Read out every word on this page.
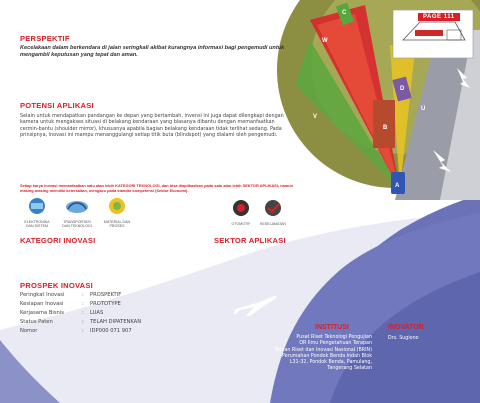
W
V
B
D
C
U
A
PAGE 111
PERSPEKTIF
Kecelakaan dalam berkendara di jalan seringkali akibat kurangnya informasi bagi pengemudi untuk mengambil keputusan yang tepat dan aman.
POTENSI APLIKASI
Selain untuk mendapatkan pandangan ke depan yang bertambah, invensi ini juga dapat dilengkapi dengan kamera untuk mengakses situasi di belakang kendaraan yang biasanya dibantu dengan memanfaatkan cermin-bantu (shoulder mirror), khususnya apabila bagian belakang kendaraan tidak terlihat sedang. Pada prinsipnya, inovasi ini mampu menanggulangi setiap titik buta (blindspot) yang dialami oleh pengemudi.
Setiap karya inovasi memanfaatkan satu atau lebih KATEGORI TEKNOLOGI, dan bisa diaplikasikan pada satu atau lebih SEKTOR APLIKASI; namun masing-masing memiliki keterkaitan, mengacu pada standar kompetensi (Sektor Ekonomi).
ELEKTRONIKA DAN SISTEM
TRANSPORTASI DAN TEKNOLOGI
MATERIAL DAN PROSES
OTOMOTIF	KESELAMATAN
KATEGORI INOVASI	SEKTOR APLIKASI
PROSPEK INOVASI
Peringkat Inovasi	:	PROSPEKTIF
Kesiapan Inovasi	:	PROTOTYPE
Kerjasama Bisnis	:	LUAS
Status Paten	:	TELAH DIPATENKAN
Nomor	:	IDP000 071 907	INSTITUSI
Pusat Riset Teknologi Pengujian
OR Ilmu Pengetahuan Terapan
Badan Riset dan Inovasi Nasional (BRIN)
Perumahan Pondok Benda Indah Blok
L31-32, Pondok Benda, Pamulang,
Tangerang Selatan
INOVATOR
Drs. Sugiono
